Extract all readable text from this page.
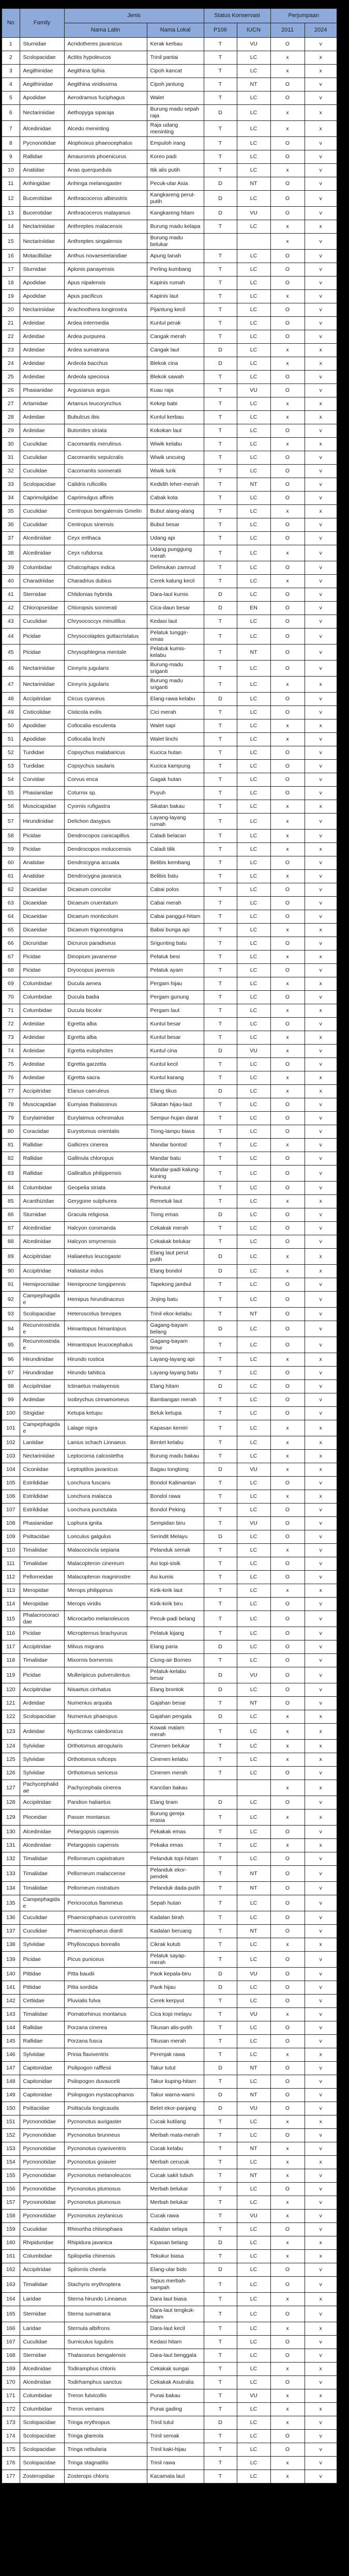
No	Family	Jenis		Status Konservasi		Perjumpaan	
		Nama Latin	Nama Lokal	P106	IUCN	2011	2024
1	Sturnidae	Acridotheres javanicus	Kerak kerbau	T	VU	O	v
2	Scolopacidae	Actitis hypoleucos	Trinil pantai	T	LC	x	x
3	Aegithinidae	Aegithina tiphia	Cipoh kancat	T	LC	x	x
4	Aegithinidae	Aegithina viridissima	Cipoh jantung	T	NT	O	v
5	Apodidae	Aerodramus fuciphagus	Walet	T	LC	O	v
6	Nectariniidae	Aethopyga siparaja	Burung madu sepah raja	D	LC	x	x
7	Alcedinidae	Alcedo meninting	Raja udang meninting	T	LC	x	x
8	Pycnonotidae	Alophoixus phaeocephalus	Empuloh irang	T	LC	O	v
9	Rallidae	Amaurornis phoenicurus	Koreo padi	T	LC	O	v
10	Anatidae	Anas querquedula	Itik alis putih	T	LC	x	v
11	Anhingidae	Anhinga melanogaster	Pecuk-ular Asia	D	NT	O	v
12	Bucerotidae	Anthracoceros albirostris	Kangkareng perut-putih	D	LC	O	v
13	Bucerotidae	Anthracoceros malayanus	Kangkareng hitam	D	VU	O	v
14	Nectariniidae	Anthreptes malacensis	Burung madu kelapa	T	LC	x	x
15	Nectariniidae	Anthreptes singalensis	Burung madu belukar			x	v
16	Motacillidae	Anthus novaeseelandiae	Apung tanah	T	LC	O	v
17	Sturnidae	Aplonis panayensis	Perling kumbang	T	LC	O	v
18	Apodidae	Apus nipalensis	Kapinis rumah	T	LC	O	v
19	Apodidae	Apus pacificus	Kapinis laut	T	LC	x	v
20	Nectariniidae	Arachnothera longirostra	Pijantung kecil	T	LC	O	v
21	Ardeidae	Ardea intermedia	Kuntul perak	T	LC	O	v
22	Ardeidae	Ardea purpurea	Cangak merah	T	LC	O	v
23	Ardeidae	Ardea sumatrana	Cangak laut	D	LC	x	x
24	Ardeidae	Ardeola bacchus	Blekok cina	D	LC	x	x
25	Ardeidae	Ardeola speciosa	Blekok sawah	T	LC	O	v
26	Phasianidae	Argusianus argus	Kuau raja	T	VU	O	v
27	Artamidae	Artamus leucorynchus	Kekep babi	T	LC	x	x
28	Ardeidae	Bubulcus ibis	Kuntul kerbau	T	LC	x	x
29	Ardeidae	Butorides striata	Kokokan laut	T	LC	O	v
30	Cuculidae	Cacomantis merulinus	Wiwik kelabu	T	LC	x	x
31	Cuculidae	Cacomantis sepulcralis	Wiwik uncuing	T	LC	O	v
32	Cuculidae	Cacomantis sonneratii	Wiwik lurik	T	LC	O	v
33	Scolopacidae	Calidris ruficollis	Kedidih leher-merah	T	NT	O	v
34	Caprimulgidae	Caprimulgus affinis	Cabak kota	T	LC	O	v
35	Cuculidae	Centropus bengalensis Gmelin	Bubut alang-alang	T	LC	x	x
36	Cuculidae	Centropus sinensis	Bubut besar	T	LC	O	v
37	Alcedinidae	Ceyx erithaca	Udang api	T	LC	O	v
38	Alcedinidae	Ceyx rufidorsa	Udang punggung merah	T	LC	x	v
39	Columbidae	Chalcophaps indica	Delimukan zamrud	T	LC	O	v
40	Charadriidae	Charadrius dubius	Cerek kalung kecil	T	LC	x	v
41	Sternidae	Chlidonias hybrida	Dara-laut kumis	D	LC	O	v
42	Chloropseidae	Chloropsis sonnerati	Cica-daun besar	D	EN	O	v
43	Cuculidae	Chrysococcyx minutillus	Kedasi laut	T	LC	O	v
44	Picidae	Chrysocolaptes guttacristatus	Pelatuk tunggir-emas	T	LC	O	v
45	Picidae	Chrysophlegma mentale	Pelatuk kumis-kelabu	T	NT	O	v
46	Nectariniidae	Cinnyris jugularis	Burung-madu sriganti	T	LC	O	v
47	Nectariniidae	Cinnyris jugularis	Burung madu sriganti	T	LC	x	x
48	Accipitridae	Circus cyaneus	Elang-rawa kelabu	D	LC	O	v
49	Cisticolidae	Cisticola exilis	Cici merah	T	LC	O	v
50	Apodidae	Collocalia esculenta	Walet sapi	T	LC	x	x
51	Apodidae	Collocalia linchi	Walet linchi	T	LC	x	v
52	Turdidae	Copsychus malabaricus	Kucica hutan	T	LC	O	v
53	Turdidae	Copsychus saularis	Kucica kampung	T	LC	O	v
54	Corvidae	Corvus enca	Gagak hutan	T	LC	O	v
55	Phasianidae	Coturnix sp.	Puyuh	T	LC	O	v
56	Muscicapidae	Cyornis rufigastra	Sikatan bakau	T	LC	x	x
57	Hirundinidae	Delichon dasypus	Layang-layang rumah	T	LC	x	v
58	Picidae	Dendrocopos canicapillus	Caladi belacan	T	LC	x	v
59	Picidae	Dendrocopos moluccensis	Caladi tilik	T	LC	x	x
60	Anatidae	Dendrocygna arcuata	Belibis kembang	T	LC	O	v
61	Anatidae	Dendrocygna javanica	Belibis batu	T	LC	x	v
62	Dicaeidae	Dicaeum concolor	Cabai polos	T	LC	O	v
63	Dicaeidae	Dicaeum cruentatum	Cabai merah	T	LC	O	v
64	Dicaeidae	Dicaeum monticolum	Cabai panggul-hitam	T	LC	O	v
65	Dicaeidae	Dicaeum trigonostigma	Babai bunga api	T	LC	x	x
66	Dicruridae	Dicrurus paradiseus	Srigunting batu	T	LC	O	v
67	Picidae	Dinopium javanense	Pelatuk besi	T	LC	x	x
68	Picidae	Dryocopus javensis	Pelatuk ayam	T	LC	O	v
69	Columbidae	Ducula aenea	Pergam hijau	T	LC	x	x
70	Columbidae	Ducula badia	Pergam gunung	T	LC	O	v
71	Columbidae	Ducula bicolor	Pergam laut	T	LC	x	x
72	Ardeidae	Egretta alba	Kuntul besar	T	LC	O	v
73	Ardeidae	Egretta alba	Kuntul besar	T	LC	x	x
74	Ardeidae	Egretta eulophotes	Kuntul cina	D	VU	x	v
75	Ardeidae	Egretta garzetta	Kuntul kecil	T	LC	O	v
76	Ardeidae	Egretta sacra	Kuntul karang	T	LC	x	x
77	Accipitridae	Elanus caeruleus	Elang tikus	D	LC	x	x
78	Muscicapidae	Eumyias thalassinus	Sikatan hijau-laut	T	LC	O	v
79	Eurylaimidae	Eurylaimus ochromalus	Sempur-hujan darat	T	LC	O	v
80	Coraciidae	Eurystomus orientalis	Tiong-lampu biasa	T	LC	O	v
81	Rallidae	Gallicrex cinerea	Mandar bontod	T	LC	x	v
82	Rallidae	Gallinula chloropus	Mandar batu	T	LC	O	v
83	Rallidae	Gallirallus philippensis	Mandar-padi kalung-kuning	T	LC	O	v
84	Columbidae	Geopelia striata	Perkutut	T	LC	O	v
85	Acanthizidae	Gerygone sulphurea	Remetuk laut	T	LC	x	x
86	Sturnidae	Gracula religiosa	Tiong emas	D	LC	O	v
87	Alcedinidae	Halcyon coromanda	Cekakak merah	T	LC	O	v
88	Alcedinidae	Halcyon smyrnensis	Cekakak belukar	T	LC	O	v
89	Accipitridae	Haliaeetus leucogaste	Elang laut perut putih	D	LC	x	x
90	Accipitridae	Haliastur indus	Elang bondol	D	LC	x	x
91	Hemiprocnidae	Hemiprocne longipennis	Tapekong jambul	T	LC	O	v
92	Campephagidae	Hemipus hirundinaceus	Jinjing batu	T	LC	O	v
93	Scolopacidae	Heteroscelus brevipes	Trinil ekor-kelabu	T	NT	O	v
94	Recurvirostridae	Himantopus himantopus	Gagang-bayam belang	D	LC	O	v
95	Recurvirostridae	Himantopus leucocephalus	Gagang-bayam timur	T	LC	O	v
96	Hirundinidae	Hirundo rustica	Layang-layang api	T	LC	x	x
97	Hirundinidae	Hirundo tahitica	Layang-layang batu	T	LC	O	v
98	Accipitridae	Ictinaetus malayensis	Elang hitam	D	LC	O	v
99	Ardeidae	Ixobrychus cinnamomeus	Bambangan merah	T	LC	O	v
100	Strigidae	Ketupa ketupu	Beluk ketupa	T	LC	O	v
101	Campephagidae	Lalage nigra	Kapasan kemiri	T	LC	x	x
102	Laniidae	Lanius schach Linnaeus	Bentet kelabu	T	LC	x	x
103	Nectariniidae	Leptocoma calcostetha	Burung madu bakau	T	LC	x	x
104	Ciconiidae	Leptoptilos javanicus	Bagau tongtong	D	VU	x	x
105	Estrildidae	Lonchura fuscans	Bondol Kalimantan	T	LC	O	v
106	Estrildidae	Lonchura malacca	Bondol rawa	T	LC	x	x
107	Estrildidae	Lonchura punctulata	Bondol Peking	T	LC	O	v
108	Phasianidae	Lophura ignita	Sempidan biru	T	VU	O	v
109	Psittacidae	Loriculus galgulus	Serindit Melayu	D	LC	O	v
110	Timaliidae	Malacocincla sepiaria	Pelanduk semak	T	LC	x	v
111	Timaliidae	Malacopteron cinereum	Asi topi-sisik	T	LC	O	v
112	Pellorneidae	Malacopteron magnirostre	Asi kumis	T	LC	O	v
113	Meropidae	Merops philippinus	Kirik-kirik laut	T	LC	x	x
114	Meropidae	Merops viridis	Kirik-kirik biru	T	LC	O	v
115	Phalacrocoracidae	Microcarbo melanoleucos	Pecuk-padi belang	T	LC	O	v
116	Picidae	Micropternus brachyurus	Pelatuk kijang	T	LC	O	v
117	Accipitridae	Milvus migrans	Elang paria	D	LC	O	v
118	Timaliidae	Mixornis bornensis	Ciung-air Borneo	T	LC	O	v
119	Picidae	Mulleripicus pulverulentus	Pelatuk-kelabu besar	D	VU	O	v
120	Accipitridae	Nisaetus cirrhatus	Elang brontok	D	LC	O	v
121	Ardeidae	Numenius arquata	Gajahan besar	T	NT	O	v
122	Scolopacidae	Numenius phaeopus	Gajahan pengala	D	LC	x	x
123	Ardeidae	Nycticorax caledonicus	Kowak malam merah	T	LC	x	x
124	Sylviidae	Orthotomus atrogularis	Cinenen belukar	T	LC	x	x
125	Sylviidae	Orthotomus ruficeps	Cinenen kelabu	T	LC	x	x
126	Sylviidae	Orthotomus sericeus	Cinenen merah	T	LC	O	v
127	Pachycephalidae	Pachycephala cinerea	Kancilan bakau			x	x
128	Accipitridae	Pandion haliaetus	Elang tiram	D	LC	O	v
129	Ploceidae	Passer montanus	Burung gereja erasia	T	LC	x	x
130	Alcedinidae	Pelargopsis capensis	Pekakak emas	T	LC	O	v
131	Alcedinidae	Pelargopsis capensis	Pekaka emas	T	LC	x	x
132	Timaliidae	Pellorneum capistratum	Pelanduk topi-hitam	T	LC	O	v
133	Timaliidae	Pellorneum malaccense	Pelanduk ekor-pendek	T	NT	O	v
134	Timaliidae	Pellorneum rostratum	Pelanduk dada-putih	T	NT	O	v
135	Campephagidae	Pericrocotus flammeus	Sepah hutan	T	LC	O	v
136	Cuculidae	Phaenicophaeus curvirostris	Kadalan birah	T	LC	O	v
137	Cuculidae	Phaenicophaeus diardi	Kadalan beruang	T	NT	O	v
138	Sylviidae	Phylloscopus borealis	Cikrak kutub	T	LC	x	x
139	Picidae	Picus puniceus	Pelatuk sayap-merah	T	LC	O	v
140	Pittidae	Pitta baudii	Paok kepala-biru	D	VU	O	v
141	Pittidae	Pitta sordida	Paok hijau	D	LC	O	v
142	Cettiidae	Pluvialis fulva	Cerek kerpyut	T	LC	O	v
143	Timaliidae	Pomatorhinus montanus	Cica kopi melayu	T	VU	x	v
144	Rallidae	Porzana cinerea	Tikusan alis-putih	T	LC	O	v
145	Rallidae	Porzana fusca	Tikusan merah	T	LC	O	v
146	Sylviidae	Prinia flaviventris	Perenjak rawa	T	LC	x	x
147	Capitonidae	Psilipogon rafflesii	Takur tutut	D	NT	O	v
148	Capitonidae	Psilopogon duvaucelii	Takur kuping-hitam	T	LC	O	v
149	Capitonidae	Psilopogon mystacophanos	Takur warna-warni	D	NT	O	v
150	Psittacidae	Psittacula longicauda	Betet ekor-panjang	D	VU	O	v
151	Pycnonotidae	Pycnonotus aurigaster	Cucak kutilang	T	LC	x	x
152	Pycnonotidae	Pycnonotus brunneus	Merbah mata-merah	T	LC	O	v
153	Pycnonotidae	Pycnonotus cyaniventris	Cucak kelabu	T	NT	x	v
154	Pycnonotidae	Pycnonotus goiavier	Merbah cerucuk	T	LC	x	x
155	Pycnonotidae	Pycnonotus melanoleucos	Cucak sakit tubuh	T	NT	x	v
156	Pycnonotidae	Pycnonotus plumosus	Merbah belukar	T	LC	O	v
157	Pycnonotidae	Pycnonotus plumosus	Merbah belukar	T	LC	x	v
158	Pycnonotidae	Pycnonotus zeylanicus	Cucak rawa	T	VU	x	v
159	Cuculidae	Rhinortha chlorophaea	Kadalan selaya	T	LC	O	v
160	Rhipiduridae	Rhipidura javanica	Kipasan belang	D	LC	x	x
161	Columbidae	Spilopelia chinensis	Tekukur biasa	T	LC	x	x
162	Accipitridae	Spilornis cheela	Elang-ular bido	D	LC	O	v
163	Timaliidae	Stachyris erythroptera	Tepus merbah-sampah	T	LC	O	v
164	Laridae	Sterna hirundo Linnaeus	Dara laut biasa	T	LC	x	x
165	Sternidae	Sterna sumatrana	Dara-laut tengkuk-hitam	T	LC	O	v
166	Laridae	Sternula albifrons	Dara-laut kecil	T	LC	x	x
167	Cuculidae	Surniculus lugubris	Kedasi hitam	T	LC	O	v
168	Sternidae	Thalasseus bengalensis	Dara-laut benggala	T	LC	O	v
169	Alcedinidae	Todiramphus chloris	Cekakak sungai	T	LC	x	x
170	Alcedinidae	Todirhamphus sanctus	Cekakak Asutralia	T	LC	O	v
171	Columbidae	Treron fulvicollis	Punai bakau	T	VU	x	x
172	Columbidae	Treron vernans	Punai gading	T	LC	x	x
173	Scolopacidae	Tringa erythropus	Trinil tutul	D	LC	x	v
174	Scolopacidae	Tringa glareola	Trinil semak	T	LC	O	v
175	Scolopacidae	Tringa nebularia	Trinil kaki-hijau	T	LC	O	v
176	Scolopacidae	Tringa stagnatilis	Trinil rawa	T	LC	x	v
177	Zosteropidae	Zosterops chloris	Kacamata laut	T	LC	x	v
